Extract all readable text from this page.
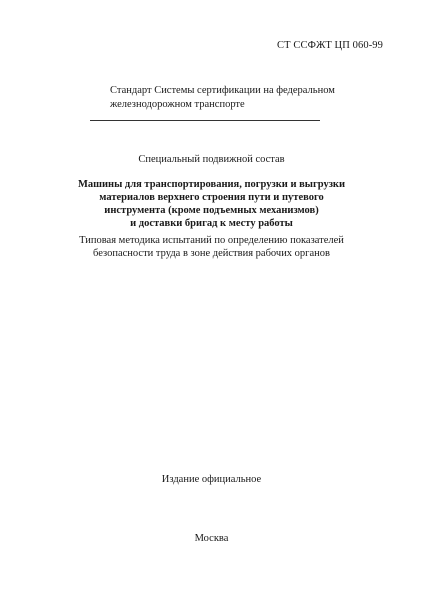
СТ ССФЖТ ЦП 060-99
Стандарт Системы сертификации на федеральном
железнодорожном транспорте
Специальный подвижной состав
Машины для транспортирования, погрузки и выгрузки
материалов верхнего строения пути и путевого
инструмента (кроме подъемных механизмов)
и доставки бригад к месту работы
Типовая методика испытаний по определению показателей
безопасности труда в зоне действия рабочих органов
Издание официальное
Москва
